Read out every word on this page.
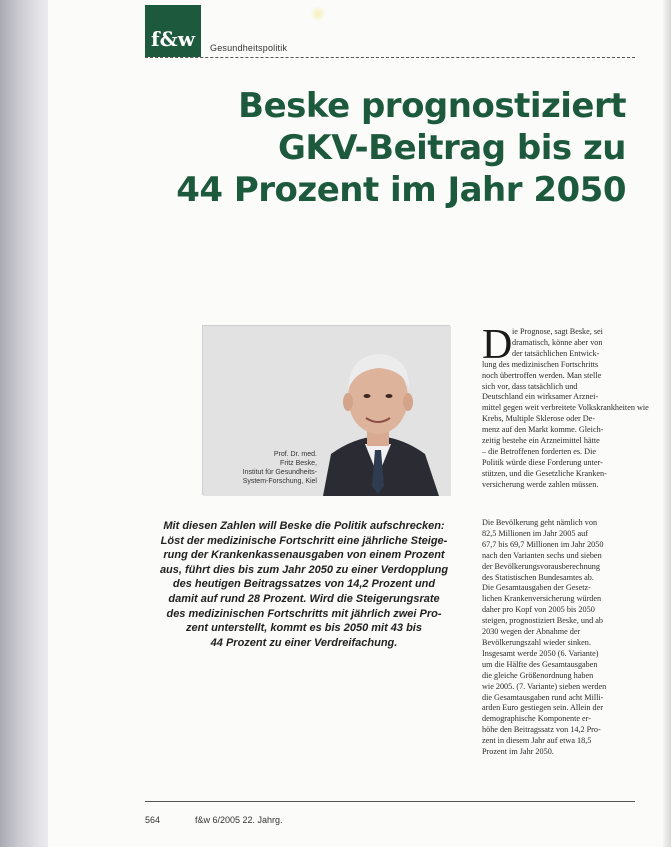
f&w	Gesundheitspolitik
Beske prognostiziert
GKV-Beitrag bis zu
44 Prozent im Jahr 2050
Prof. Dr. med.
Fritz Beske,
Institut für Gesundheits-
System-Forschung, Kiel
Mit diesen Zahlen will Beske die Politik aufschrecken:
Löst der medizinische Fortschritt eine jährliche Steige-
rung der Krankenkassenausgaben von einem Prozent
aus, führt dies bis zum Jahr 2050 zu einer Verdopplung
des heutigen Beitragssatzes von 14,2 Prozent und
damit auf rund 28 Prozent. Wird die Steigerungsrate
des medizinischen Fortschritts mit jährlich zwei Pro-
zent unterstellt, kommt es bis 2050 mit 43 bis
44 Prozent zu einer Verdreifachung.
D ie Prognose, sagt Beske, sei
dramatisch, könne aber von
der tatsächlichen Entwick-
lung des medizinischen Fortschritts
noch übertroffen werden. Man stelle
sich vor, dass tatsächlich und
Deutschland ein wirksamer Arznei-
mittel gegen weit verbreitete Volkskrankheiten wie
Krebs, Multiple Sklerose oder De-
menz auf den Markt komme. Gleich-
zeitig bestehe ein Arzneimittel hätte
– die Betroffenen forderten es. Die
Politik würde diese Forderung unter-
stützen, und die Gesetzliche Kranken-
versicherung werde zahlen müssen.
Die Bevölkerung geht nämlich von
82,5 Millionen im Jahr 2005 auf
67,7 bis 69,7 Millionen im Jahr 2050
nach den Varianten sechs und sieben
der Bevölkerungsvorausberechnung
des Statistischen Bundesamtes ab.
Die Gesamtausgaben der Gesetz-
lichen Krankenversicherung würden
daher pro Kopf von 2005 bis 2050
steigen, prognostiziert Beske, und ab
2030 wegen der Abnahme der
Bevölkerungszahl wieder sinken.
Insgesamt werde 2050 (6. Variante)
um die Hälfte des Gesamtausgaben
die gleiche Größenordnung haben
wie 2005. (7. Variante) sieben werden
die Gesamtausgaben rund acht Milli-
arden Euro gestiegen sein. Allein der
demographische Komponente er-
höhe den Beitragssatz von 14,2 Pro-
zent in diesem Jahr auf etwa 18,5
Prozent im Jahr 2050.
564	f&w 6/2005 22. Jahrg.
